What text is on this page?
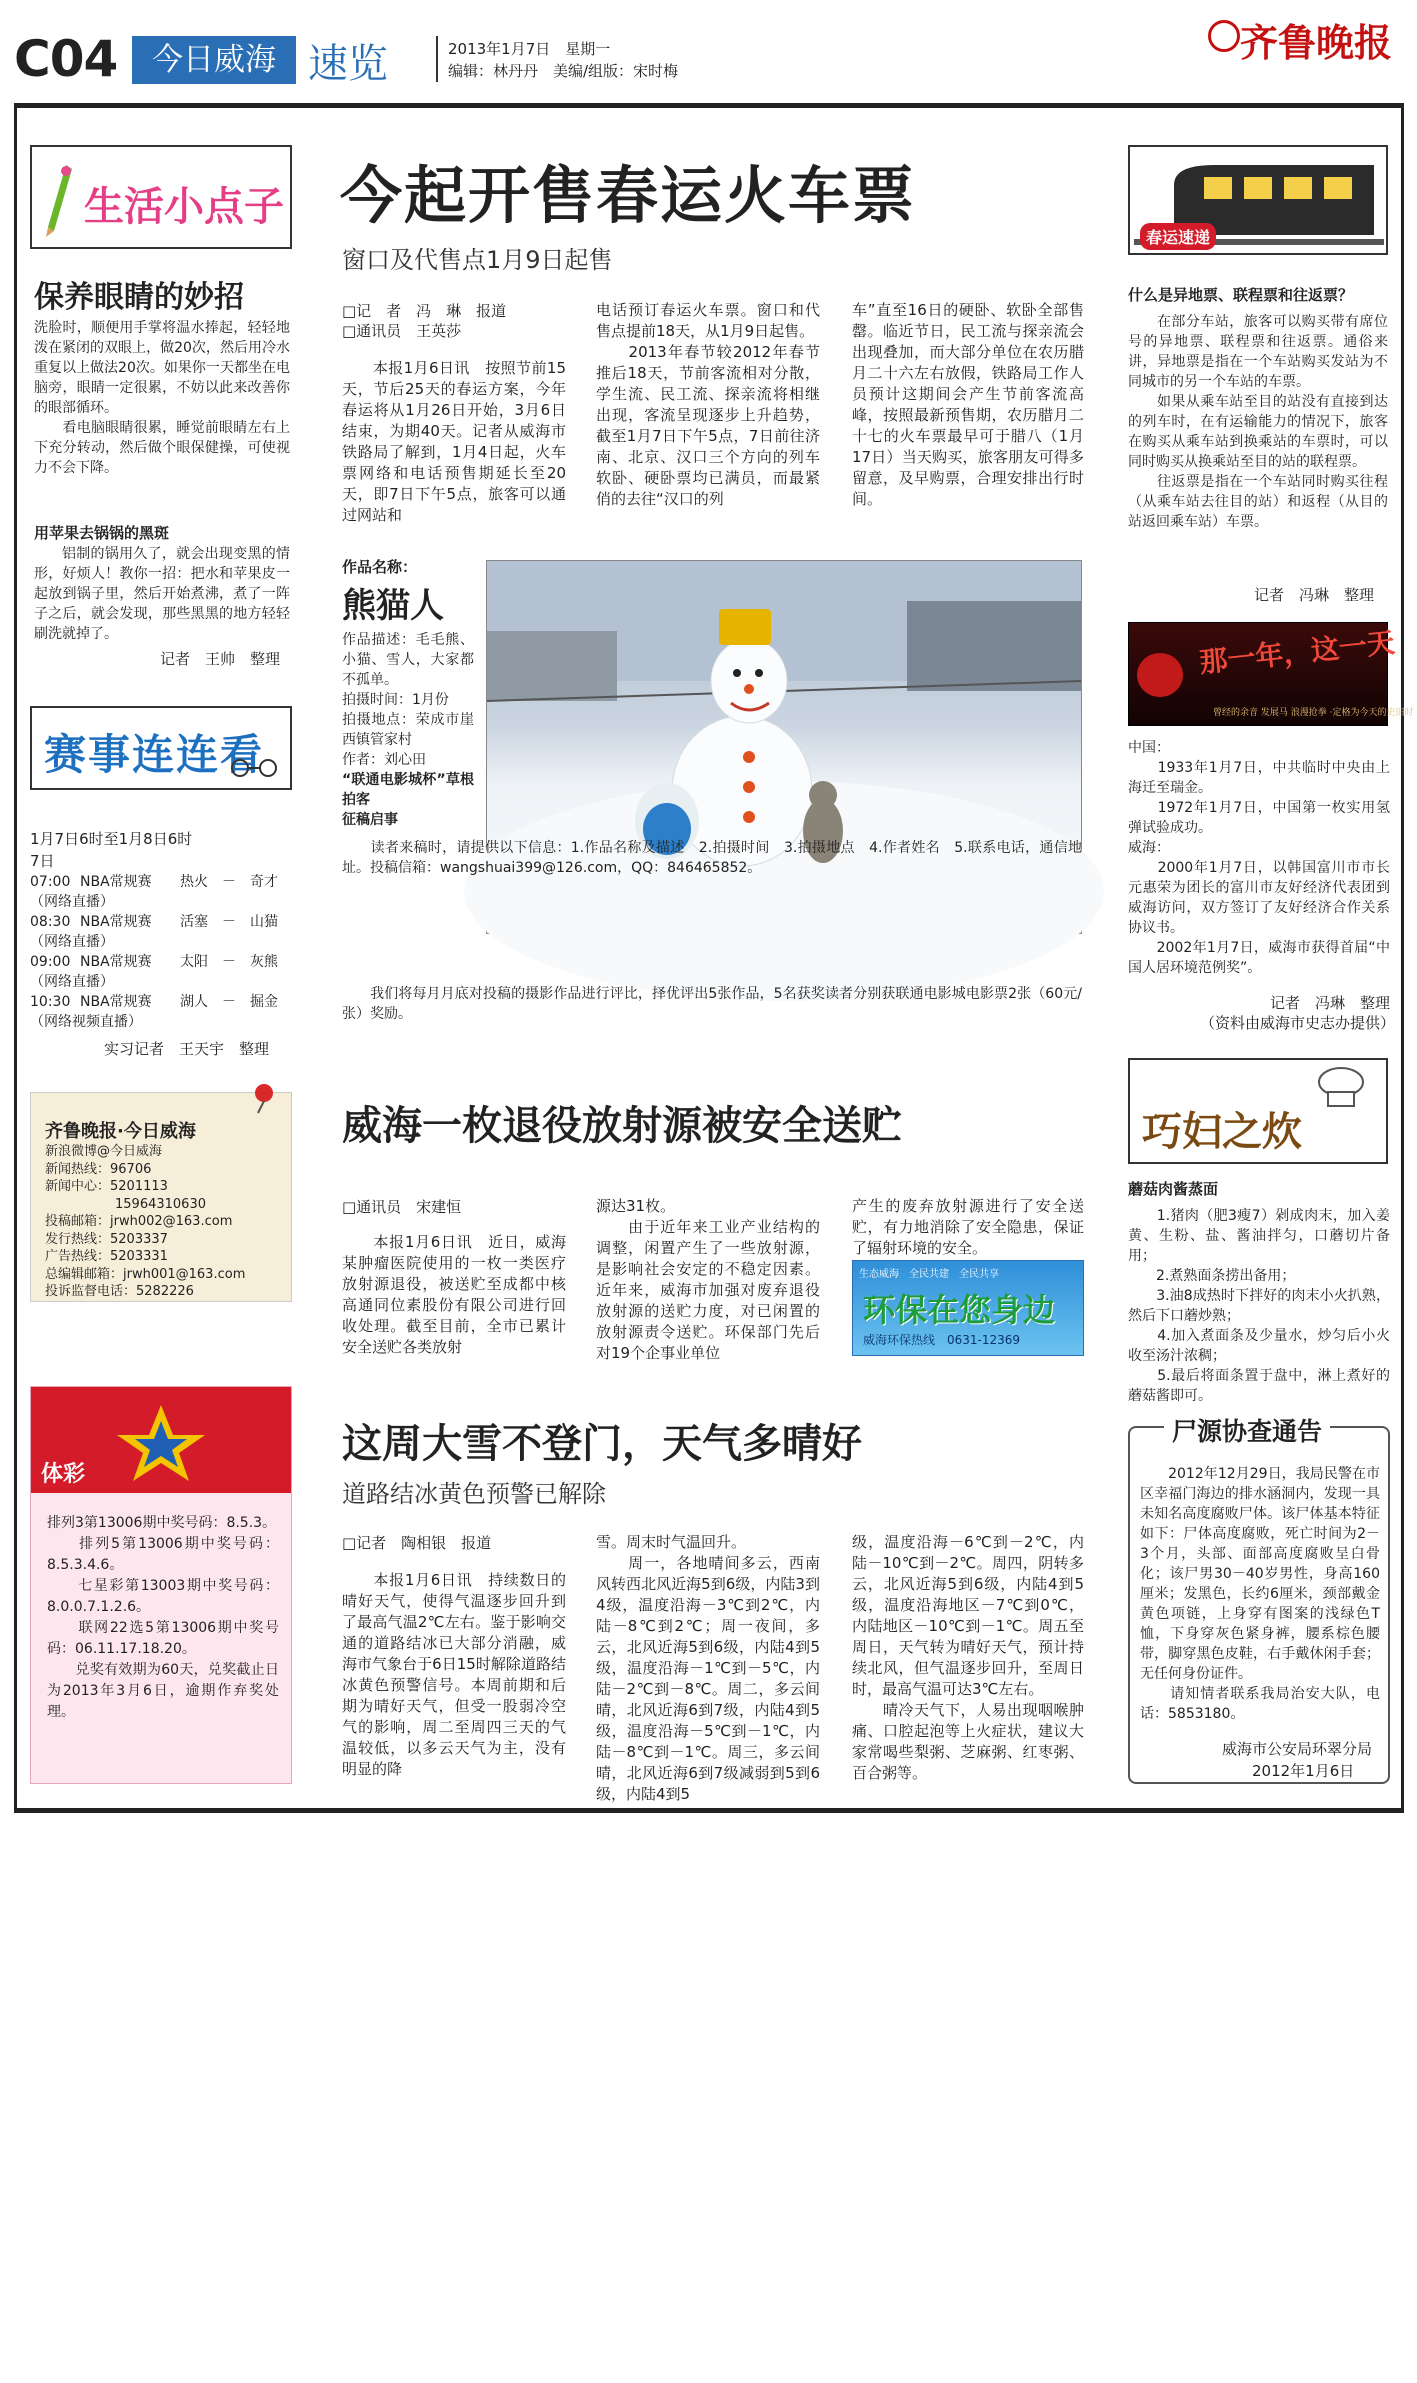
C04	今日威海 速览	2013年1月7日　星期一
编辑：林丹丹　美编/组版：宋时梅
齐鲁晚报
生活小点子
保养眼睛的妙招
洗脸时，顺便用手掌将温水捧起，轻轻地泼在紧闭的双眼上，做20次，然后用冷水重复以上做法20次。如果你一天都坐在电脑旁，眼睛一定很累，不妨以此来改善你的眼部循环。
　　看电脑眼睛很累，睡觉前眼睛左右上下充分转动，然后做个眼保健操，可使视力不会下降。
用苹果去锅锅的黑斑
铝制的锅用久了，就会出现变黑的情形，好烦人！教你一招：把水和苹果皮一起放到锅子里，然后开始煮沸，煮了一阵子之后，就会发现，那些黑黑的地方轻轻刷洗就掉了。
记者　王帅　整理
赛事连连看
1月7日6时至1月8日6时
7日
07:00 NBA常规赛	热火　－　奇才
（网络直播）
08:30 NBA常规赛	活塞　－　山猫
（网络直播）
09:00 NBA常规赛	太阳　－　灰熊
（网络直播）
10:30 NBA常规赛	湖人　－　掘金
（网络视频直播）
实习记者　王天宇　整理
齐鲁晚报·今日威海
新浪微博@今日威海
新闻热线：96706
新闻中心：5201113
15964310630
投稿邮箱：jrwh002@163.com
发行热线：5203337
广告热线：5203331
总编辑邮箱：jrwh001@163.com
投诉监督电话：5282226
体彩
排列3第13006期中奖号码：8.5.3。
　　排列5第13006期中奖号码：8.5.3.4.6。
　　七星彩第13003期中奖号码：8.0.0.7.1.2.6。
　　联网22选5第13006期中奖号码：06.11.17.18.20。
　　兑奖有效期为60天，兑奖截止日为2013年3月6日，逾期作弃奖处理。
今起开售春运火车票
窗口及代售点1月9日起售
□记　者　冯　琳　报道
□通讯员　王英莎
　　本报1月6日讯　按照节前15天，节后25天的春运方案，今年春运将从1月26日开始，3月6日结束，为期40天。记者从威海市铁路局了解到，1月4日起，火车票网络和电话预售期延长至20天，即7日下午5点，旅客可以通过网站和
电话预订春运火车票。窗口和代售点提前18天，从1月9日起售。
　　2013年春节较2012年春节推后18天，节前客流相对分散，学生流、民工流、探亲流将相继出现，客流呈现逐步上升趋势，截至1月7日下午5点，7日前往济南、北京、汉口三个方向的列车软卧、硬卧票均已满员，而最紧俏的去往“汉口的列
车”直至16日的硬卧、软卧全部售罄。临近节日，民工流与探亲流会出现叠加，而大部分单位在农历腊月二十六左右放假，铁路局工作人员预计这期间会产生节前客流高峰，按照最新预售期，农历腊月二十七的火车票最早可于腊八（1月17日）当天购买，旅客朋友可得多留意，及早购票，合理安排出行时间。
作品名称：
熊猫人
作品描述：毛毛熊、小猫、雪人，大家都不孤单。
拍摄时间：1月份
拍摄地点：荣成市崖西镇管家村
作者：刘心田
“联通电影城杯”草根拍客
征稿启事
　　读者来稿时，请提供以下信息：1.作品名称及描述　2.拍摄时间　3.拍摄地点　4.作者姓名　5.联系电话，通信地址。投稿信箱：wangshuai399@126.com，QQ：846465852。
　　我们将每月月底对投稿的摄影作品进行评比，择优评出5张作品，5名获奖读者分别获联通电影城电影票2张（60元/张）奖励。
威海一枚退役放射源被安全送贮
□通讯员　宋建恒
　　本报1月6日讯　近日，威海某肿瘤医院使用的一枚一类医疗放射源退役，被送贮至成都中核高通同位素股份有限公司进行回收处理。截至目前，全市已累计安全送贮各类放射
源达31枚。
　　由于近年来工业产业结构的调整，闲置产生了一些放射源，是影响社会安定的不稳定因素。近年来，威海市加强对废弃退役放射源的送贮力度，对已闲置的放射源责令送贮。环保部门先后对19个企事业单位
产生的废弃放射源进行了安全送贮，有力地消除了安全隐患，保证了辐射环境的安全。
生态威海　全民共建　全民共享
环保在您身边
威海环保热线　0631-12369
这周大雪不登门，天气多晴好
道路结冰黄色预警已解除
□记者　陶相银　报道
　　本报1月6日讯　持续数日的晴好天气，使得气温逐步回升到了最高气温2℃左右。鉴于影响交通的道路结冰已大部分消融，威海市气象台于6日15时解除道路结冰黄色预警信号。本周前期和后期为晴好天气，但受一股弱冷空气的影响，周二至周四三天的气温较低，以多云天气为主，没有明显的降
雪。周末时气温回升。
　　周一，各地晴间多云，西南风转西北风近海5到6级，内陆3到4级，温度沿海－3℃到2℃，内陆－8℃到2℃；周一夜间，多云，北风近海5到6级，内陆4到5级，温度沿海－1℃到－5℃，内陆－2℃到－8℃。周二，多云间晴，北风近海6到7级，内陆4到5级，温度沿海－5℃到－1℃，内陆－8℃到－1℃。周三，多云间晴，北风近海6到7级减弱到5到6级，内陆4到5
级，温度沿海－6℃到－2℃，内陆－10℃到－2℃。周四，阴转多云，北风近海5到6级，内陆4到5级，温度沿海地区－7℃到0℃，内陆地区－10℃到－1℃。周五至周日，天气转为晴好天气，预计持续北风，但气温逐步回升，至周日时，最高气温可达3℃左右。
　　晴冷天气下，人易出现咽喉肿痛、口腔起泡等上火症状，建议大家常喝些梨粥、芝麻粥、红枣粥、百合粥等。
春运速递
什么是异地票、联程票和往返票？
　　在部分车站，旅客可以购买带有席位号的异地票、联程票和往返票。通俗来讲，异地票是指在一个车站购买发站为不同城市的另一个车站的车票。
　　如果从乘车站至目的站没有直接到达的列车时，在有运输能力的情况下，旅客在购买从乘车站到换乘站的车票时，可以同时购买从换乘站至目的站的联程票。
　　往返票是指在一个车站同时购买往程（从乘车站去往目的站）和返程（从目的站返回乘车站）车票。
记者　冯琳　整理
那一年，这一天
曾经的余音 发展马 浪漫抢拳 ·定格为今天的史旧时
中国：
　　1933年1月7日，中共临时中央由上海迁至瑞金。
　　1972年1月7日，中国第一枚实用氢弹试验成功。
威海：
　　2000年1月7日，以韩国富川市市长元惠荣为团长的富川市友好经济代表团到威海访问，双方签订了友好经济合作关系协议书。
　　2002年1月7日，威海市获得首届“中国人居环境范例奖”。
记者　冯琳　整理
（资料由威海市史志办提供）
巧妇之炊
蘑菇肉酱蒸面
　　1.猪肉（肥3瘦7）剁成肉末，加入姜黄、生粉、盐、酱油拌匀，口蘑切片备用；
　　2.煮熟面条捞出备用；
　　3.油8成热时下拌好的肉末小火扒熟，然后下口蘑炒熟；
　　4.加入煮面条及少量水，炒匀后小火收至汤汁浓稠；
　　5.最后将面条置于盘中，淋上煮好的蘑菇酱即可。
尸源协查通告
　　2012年12月29日，我局民警在市区幸福门海边的排水涵洞内，发现一具未知名高度腐败尸体。该尸体基本特征如下：尸体高度腐败，死亡时间为2－3个月，头部、面部高度腐败呈白骨化；该尸男30－40岁男性，身高160厘米；发黑色，长约6厘米，颈部戴金黄色项链，上身穿有图案的浅绿色T恤，下身穿灰色紧身裤，腰系棕色腰带，脚穿黑色皮鞋，右手戴休闲手套；无任何身份证件。
　　请知情者联系我局治安大队，电话：5853180。
威海市公安局环翠分局
2012年1月6日
